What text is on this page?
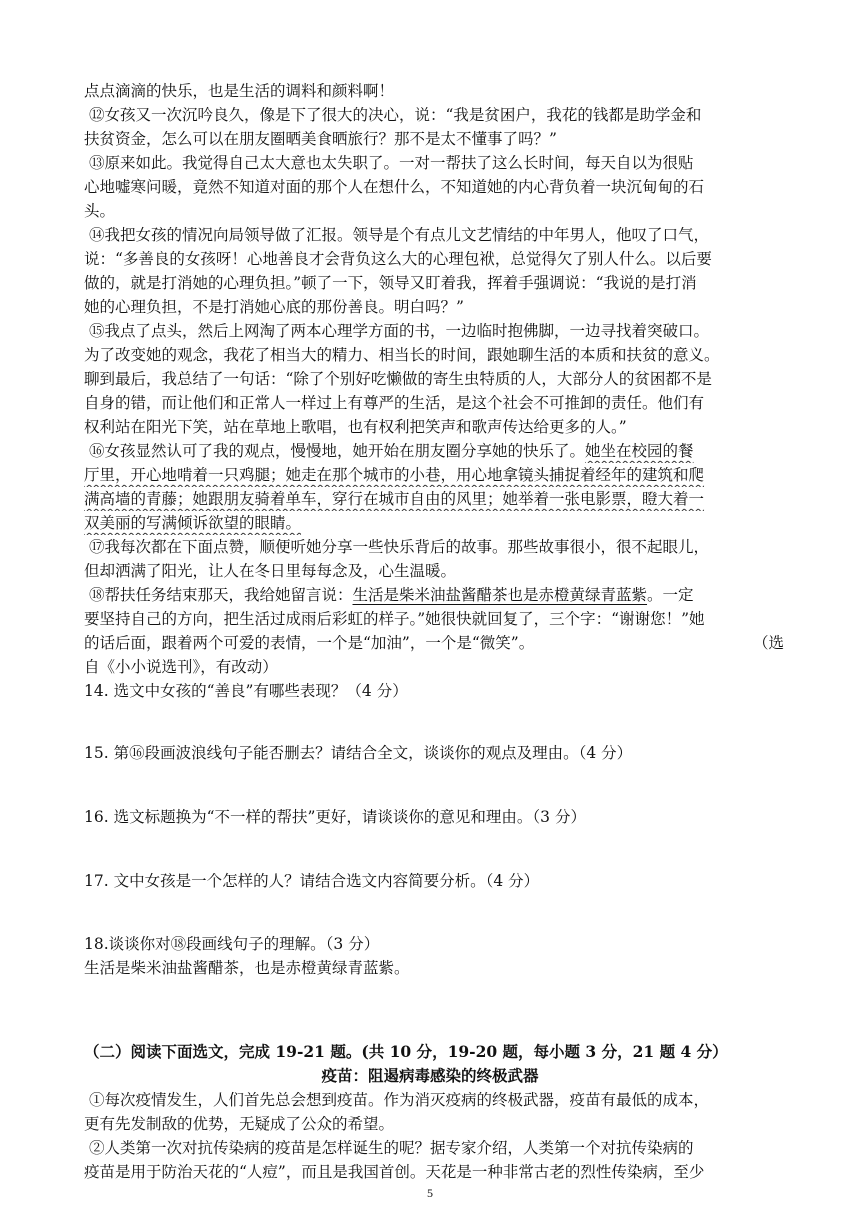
点点滴滴的快乐，也是生活的调料和颜料啊！
⑫女孩又一次沉吟良久，像是下了很大的决心，说：“我是贫困户，我花的钱都是助学金和
扶贫资金，怎么可以在朋友圈晒美食晒旅行？那不是太不懂事了吗？”
⑬原来如此。我觉得自己太大意也太失职了。一对一帮扶了这么长时间，每天自以为很贴
心地嘘寒问暖，竟然不知道对面的那个人在想什么，不知道她的内心背负着一块沉甸甸的石
头。
⑭我把女孩的情况向局领导做了汇报。领导是个有点儿文艺情结的中年男人，他叹了口气，
说：“多善良的女孩呀！心地善良才会背负这么大的心理包袱，总觉得欠了别人什么。以后要
做的，就是打消她的心理负担。”顿了一下，领导又盯着我，挥着手强调说：“我说的是打消
她的心理负担，不是打消她心底的那份善良。明白吗？”
⑮我点了点头，然后上网淘了两本心理学方面的书，一边临时抱佛脚，一边寻找着突破口。
为了改变她的观念，我花了相当大的精力、相当长的时间，跟她聊生活的本质和扶贫的意义。
聊到最后，我总结了一句话：“除了个别好吃懒做的寄生虫特质的人，大部分人的贫困都不是
自身的错，而让他们和正常人一样过上有尊严的生活，是这个社会不可推卸的责任。他们有
权利站在阳光下笑，站在草地上歌唱，也有权利把笑声和歌声传达给更多的人。”
⑯女孩显然认可了我的观点，慢慢地，她开始在朋友圈分享她的快乐了。她坐在校园的餐
厅里，开心地啃着一只鸡腿；她走在那个城市的小巷，用心地拿镜头捕捉着经年的建筑和爬
满高墙的青藤；她跟朋友骑着单车，穿行在城市自由的风里；她举着一张电影票，瞪大着一
双美丽的写满倾诉欲望的眼睛。
⑰我每次都在下面点赞，顺便听她分享一些快乐背后的故事。那些故事很小，很不起眼儿，
但却洒满了阳光，让人在冬日里每每念及，心生温暖。
⑱帮扶任务结束那天，我给她留言说：生活是柴米油盐酱醋茶也是赤橙黄绿青蓝紫。一定
要坚持自己的方向，把生活过成雨后彩虹的样子。”她很快就回复了，三个字：“谢谢您！”她
的话后面，跟着两个可爱的表情，一个是“加油”，一个是“微笑”。	（选
自《小小说选刊》，有改动）
14. 选文中女孩的“善良”有哪些表现？（4 分）
15. 第⑯段画波浪线句子能否删去？请结合全文，谈谈你的观点及理由。（4 分）
16. 选文标题换为“不一样的帮扶”更好，请谈谈你的意见和理由。（3 分）
17. 文中女孩是一个怎样的人？请结合选文内容简要分析。（4 分）
18.谈谈你对⑱段画线句子的理解。（3 分）
生活是柴米油盐酱醋茶，也是赤橙黄绿青蓝紫。
（二）阅读下面选文，完成 19-21 题。(共 10 分，19-20 题，每小题 3 分，21 题 4 分）
疫苗：阻遏病毒感染的终极武器
①每次疫情发生，人们首先总会想到疫苗。作为消灭疫病的终极武器，疫苗有最低的成本，
更有先发制敌的优势，无疑成了公众的希望。
②人类第一次对抗传染病的疫苗是怎样诞生的呢？据专家介绍，人类第一个对抗传染病的
疫苗是用于防治天花的“人痘”，而且是我国首创。天花是一种非常古老的烈性传染病，至少
5
